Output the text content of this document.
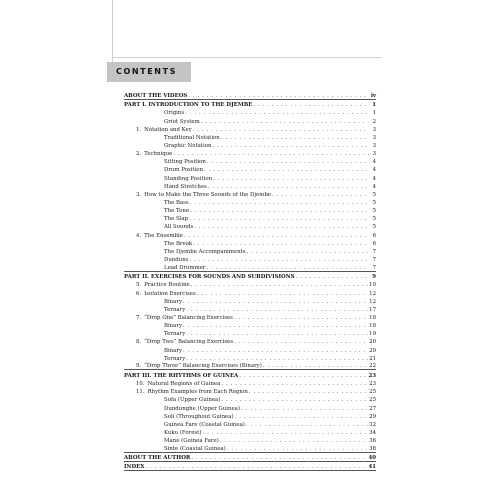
CONTENTS
ABOUT THE VIDEOS . . .	iv
PART I. INTRODUCTION TO THE DJEMBE . . .	1
Origins . . .	1
Griot System . . .	2
1. Notation and Key . . .	3
Traditional Notation . . .	3
Graphic Notation . . .	3
2. Technique . . .	3
Sitting Position . . .	4
Drum Position . . .	4
Standing Position . . .	4
Hand Stretches . . .	4
3. How to Make the Three Sounds of the Djembe . . .	5
The Bass . . .	5
The Tone . . .	5
The Slap . . .	5
All Sounds . . .	5
4. The Ensemble . . .	6
The Break . . .	6
The Djembe Accompaniments . . .	7
Dunduns . . .	7
Lead Drummer . . .	7
PART II. EXERCISES FOR SOUNDS AND SUBDIVISIONS . . .	9
5. Practice Routine . . .	10
6. Isolation Exercises . . .	12
Binary . . .	12
Ternary . . .	17
7. “Drop One” Balancing Exercises . . .	18
Binary . . .	18
Ternary . . .	19
8. “Drop Two” Balancing Exercises . . .	20
Binary . . .	20
Ternary . . .	21
9. “Drop Three” Balancing Exercises (Binary) . . .	22
PART III. THE RHYTHMS OF GUINEA . . .	23
10. Natural Regions of Guinea . . .	23
11. Rhythm Examples from Each Region . . .	25
Sofa (Upper Guinea) . . .	25
Dundunghe (Upper Guinea) . . .	27
Soli (Throughout Guinea) . . .	29
Guinea Fare (Coastal Guinea) . . .	32
Kuku (Forest) . . .	34
Mane (Guinea Fare) . . .	36
Sinte (Coastal Guinea) . . .	38
ABOUT THE AUTHOR . . .	40
INDEX . . .	41
